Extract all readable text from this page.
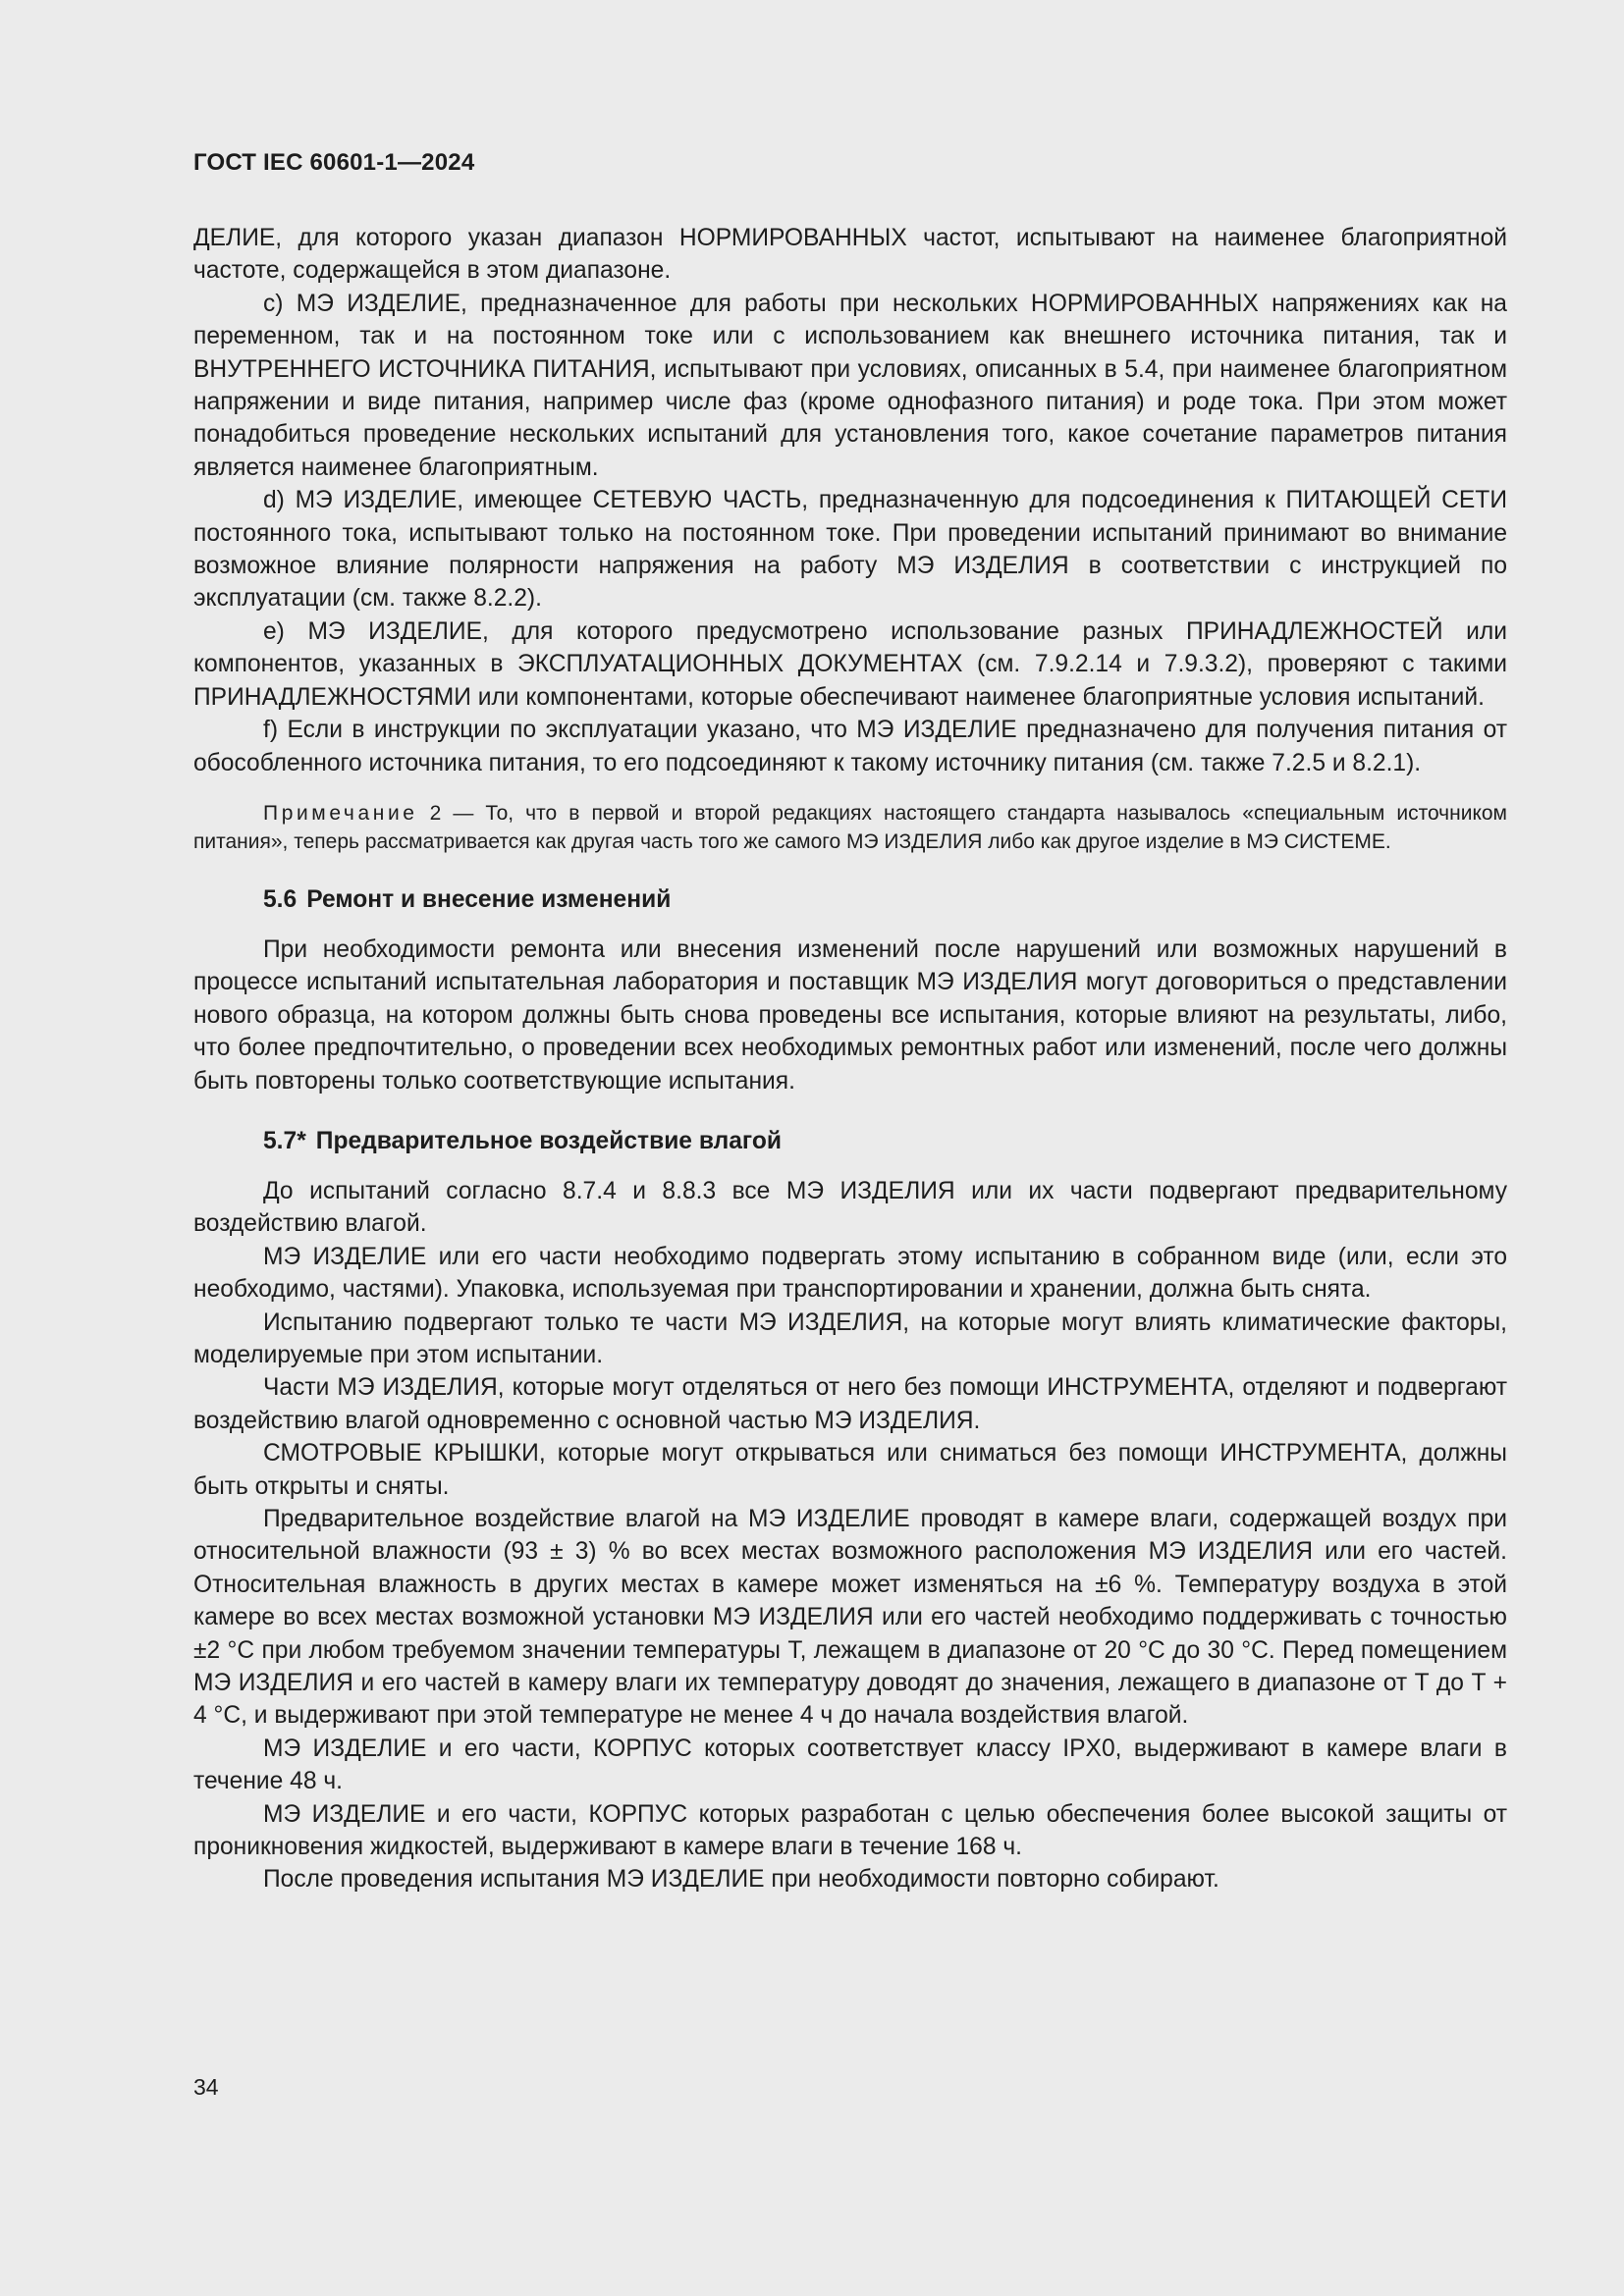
ГОСТ IEC 60601-1—2024

ДЕЛИЕ, для которого указан диапазон НОРМИРОВАННЫХ частот, испытывают на наименее благоприятной частоте, содержащейся в этом диапазоне.

с) МЭ ИЗДЕЛИЕ, предназначенное для работы при нескольких НОРМИРОВАННЫХ напряжениях как на переменном, так и на постоянном токе или с использованием как внешнего источника питания, так и ВНУТРЕННЕГО ИСТОЧНИКА ПИТАНИЯ, испытывают при условиях, описанных в 5.4, при наименее благоприятном напряжении и виде питания, например числе фаз (кроме однофазного питания) и роде тока. При этом может понадобиться проведение нескольких испытаний для установления того, какое сочетание параметров питания является наименее благоприятным.

d) МЭ ИЗДЕЛИЕ, имеющее СЕТЕВУЮ ЧАСТЬ, предназначенную для подсоединения к ПИТАЮЩЕЙ СЕТИ постоянного тока, испытывают только на постоянном токе. При проведении испытаний принимают во внимание возможное влияние полярности напряжения на работу МЭ ИЗДЕЛИЯ в соответствии с инструкцией по эксплуатации (см. также 8.2.2).

е) МЭ ИЗДЕЛИЕ, для которого предусмотрено использование разных ПРИНАДЛЕЖНОСТЕЙ или компонентов, указанных в ЭКСПЛУАТАЦИОННЫХ ДОКУМЕНТАХ (см. 7.9.2.14 и 7.9.3.2), проверяют с такими ПРИНАДЛЕЖНОСТЯМИ или компонентами, которые обеспечивают наименее благоприятные условия испытаний.

f) Если в инструкции по эксплуатации указано, что МЭ ИЗДЕЛИЕ предназначено для получения питания от обособленного источника питания, то его подсоединяют к такому источнику питания (см. также 7.2.5 и 8.2.1).

Примечание 2 — То, что в первой и второй редакциях настоящего стандарта называлось «специальным источником питания», теперь рассматривается как другая часть того же самого МЭ ИЗДЕЛИЯ либо как другое изделие в МЭ СИСТЕМЕ.

5.6 Ремонт и внесение изменений

При необходимости ремонта или внесения изменений после нарушений или возможных нарушений в процессе испытаний испытательная лаборатория и поставщик МЭ ИЗДЕЛИЯ могут договориться о представлении нового образца, на котором должны быть снова проведены все испытания, которые влияют на результаты, либо, что более предпочтительно, о проведении всех необходимых ремонтных работ или изменений, после чего должны быть повторены только соответствующие испытания.

5.7* Предварительное воздействие влагой

До испытаний согласно 8.7.4 и 8.8.3 все МЭ ИЗДЕЛИЯ или их части подвергают предварительному воздействию влагой.

МЭ ИЗДЕЛИЕ или его части необходимо подвергать этому испытанию в собранном виде (или, если это необходимо, частями). Упаковка, используемая при транспортировании и хранении, должна быть снята.

Испытанию подвергают только те части МЭ ИЗДЕЛИЯ, на которые могут влиять климатические факторы, моделируемые при этом испытании.

Части МЭ ИЗДЕЛИЯ, которые могут отделяться от него без помощи ИНСТРУМЕНТА, отделяют и подвергают воздействию влагой одновременно с основной частью МЭ ИЗДЕЛИЯ.

СМОТРОВЫЕ КРЫШКИ, которые могут открываться или сниматься без помощи ИНСТРУМЕНТА, должны быть открыты и сняты.

Предварительное воздействие влагой на МЭ ИЗДЕЛИЕ проводят в камере влаги, содержащей воздух при относительной влажности (93 ± 3) % во всех местах возможного расположения МЭ ИЗДЕЛИЯ или его частей. Относительная влажность в других местах в камере может изменяться на ±6 %. Температуру воздуха в этой камере во всех местах возможной установки МЭ ИЗДЕЛИЯ или его частей необходимо поддерживать с точностью ±2 °С при любом требуемом значении температуры T, лежащем в диапазоне от 20 °С до 30 °С. Перед помещением МЭ ИЗДЕЛИЯ и его частей в камеру влаги их температуру доводят до значения, лежащего в диапазоне от T до T + 4 °С, и выдерживают при этой температуре не менее 4 ч до начала воздействия влагой.

МЭ ИЗДЕЛИЕ и его части, КОРПУС которых соответствует классу IPX0, выдерживают в камере влаги в течение 48 ч.

МЭ ИЗДЕЛИЕ и его части, КОРПУС которых разработан с целью обеспечения более высокой защиты от проникновения жидкостей, выдерживают в камере влаги в течение 168 ч.

После проведения испытания МЭ ИЗДЕЛИЕ при необходимости повторно собирают.

34
